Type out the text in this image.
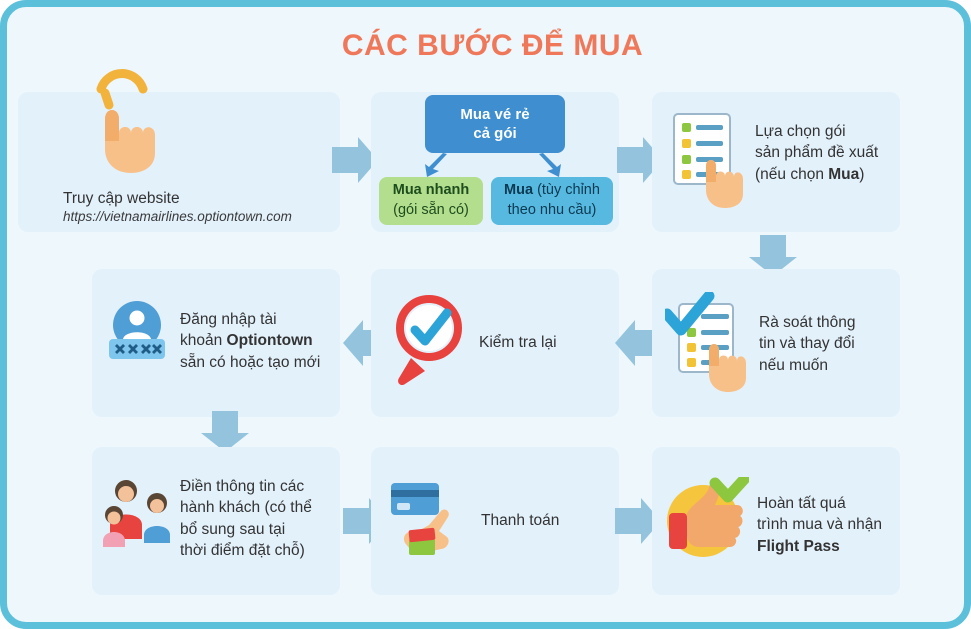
CÁC BƯỚC ĐỂ MUA
Truy cập website
https://vietnamairlines.optiontown.com
Mua vé rẻ
cả gói
Mua nhanh
(gói sẵn có)
Mua (tùy chỉnh
theo nhu cầu)
Lựa chọn gói
sản phẩm đề xuất
(nếu chọn Mua)
Đăng nhập tài
khoản Optiontown
sẵn có hoặc tạo mới
Kiểm tra lại
Rà soát thông
tin và thay đổi
nếu muốn
Điền thông tin các
hành khách (có thể
bổ sung sau tại
thời điểm đặt chỗ)
Thanh toán
Hoàn tất quá
trình mua và nhận
Flight Pass
